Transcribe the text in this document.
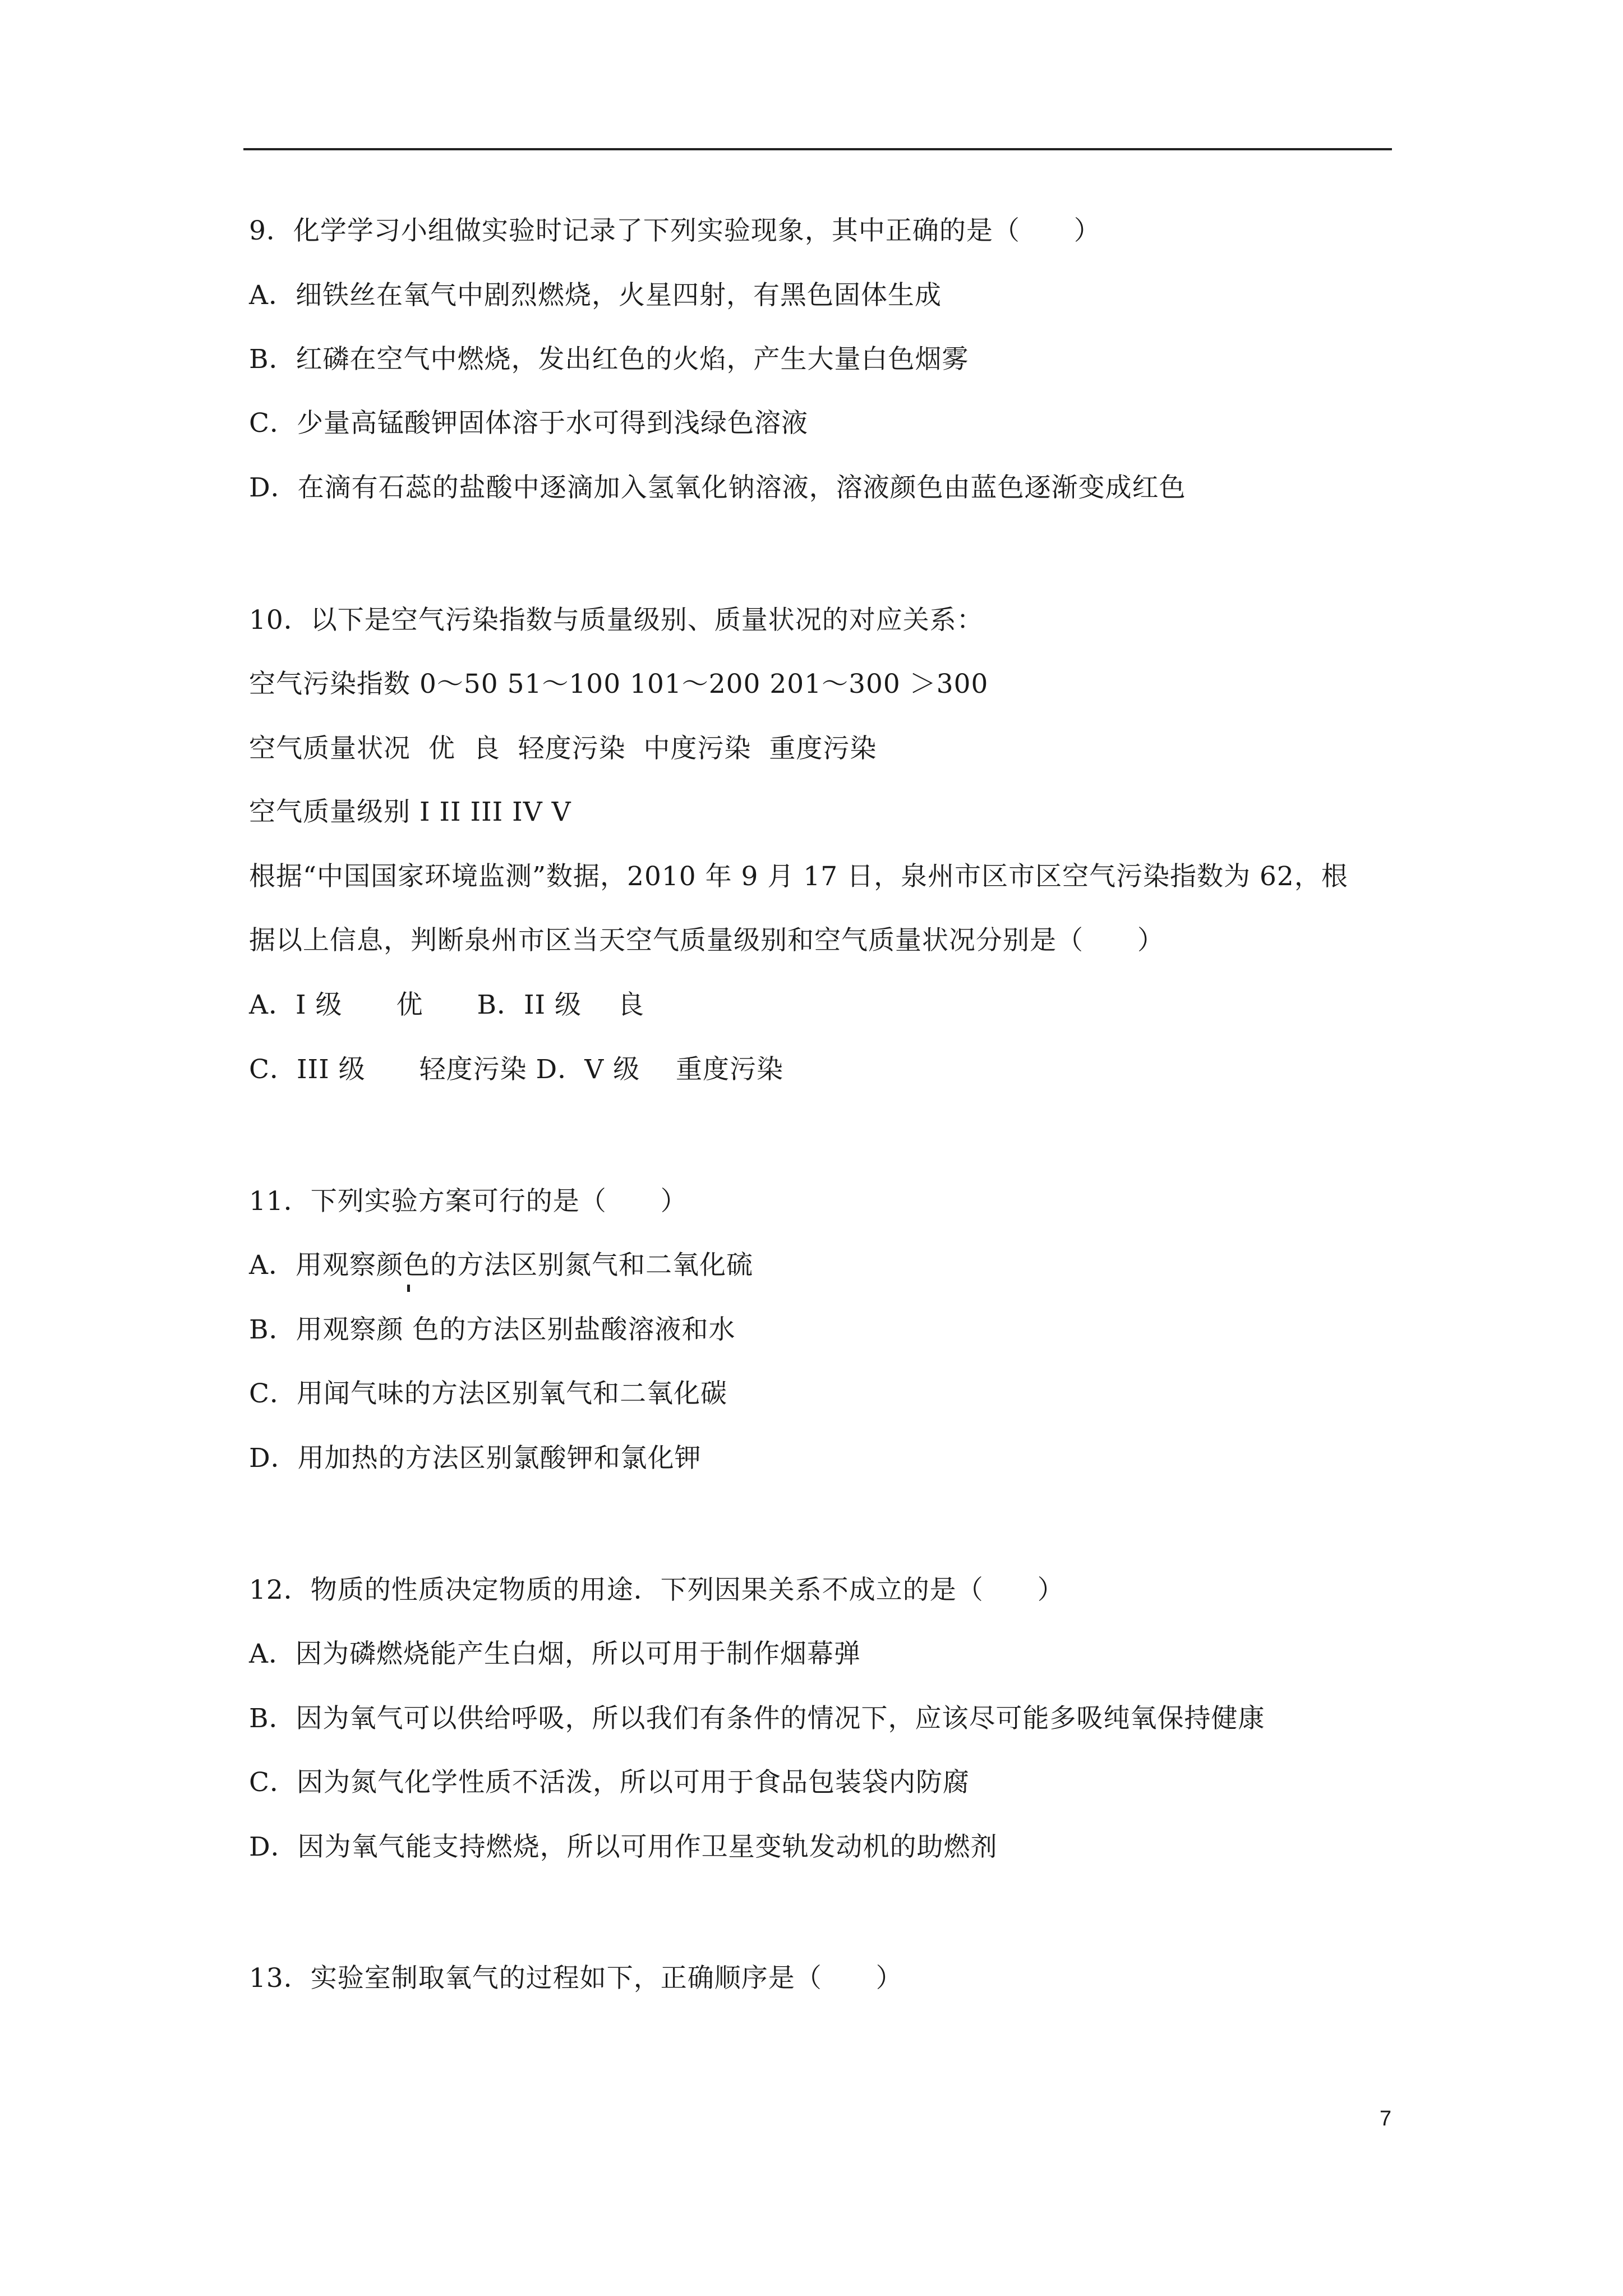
9．化学学习小组做实验时记录了下列实验现象，其中正确的是（　　）
A．细铁丝在氧气中剧烈燃烧，火星四射，有黑色固体生成
B．红磷在空气中燃烧，发出红色的火焰，产生大量白色烟雾
C．少量高锰酸钾固体溶于水可得到浅绿色溶液
D．在滴有石蕊的盐酸中逐滴加入氢氧化钠溶液，溶液颜色由蓝色逐渐变成红色
10．以下是空气污染指数与质量级别、质量状况的对应关系：
空气污染指数 0～50 51～100 101～200 201～300 ＞300
空气质量状况  优  良  轻度污染  中度污染  重度污染
空气质量级别 I II III IV V
根据“中国国家环境监测”数据，2010 年 9 月 17 日，泉州市区市区空气污染指数为 62，根
据以上信息，判断泉州市区当天空气质量级别和空气质量状况分别是（　　）
A．I 级　　优　　B．II 级　 良
C．III 级　　轻度污染 D．V 级　 重度污染
11．下列实验方案可行的是（　　）
A．用观察颜色的方法区别氮气和二氧化硫
B．用观察颜 色的方法区别盐酸溶液和水
C．用闻气味的方法区别氧气和二氧化碳
D．用加热的方法区别氯酸钾和氯化钾
12．物质的性质决定物质的用途．下列因果关系不成立的是（　　）
A．因为磷燃烧能产生白烟，所以可用于制作烟幕弹
B．因为氧气可以供给呼吸，所以我们有条件的情况下，应该尽可能多吸纯氧保持健康
C．因为氮气化学性质不活泼，所以可用于食品包装袋内防腐
D．因为氧气能支持燃烧，所以可用作卫星变轨发动机的助燃剂
13．实验室制取氧气的过程如下，正确顺序是（　　）
7
